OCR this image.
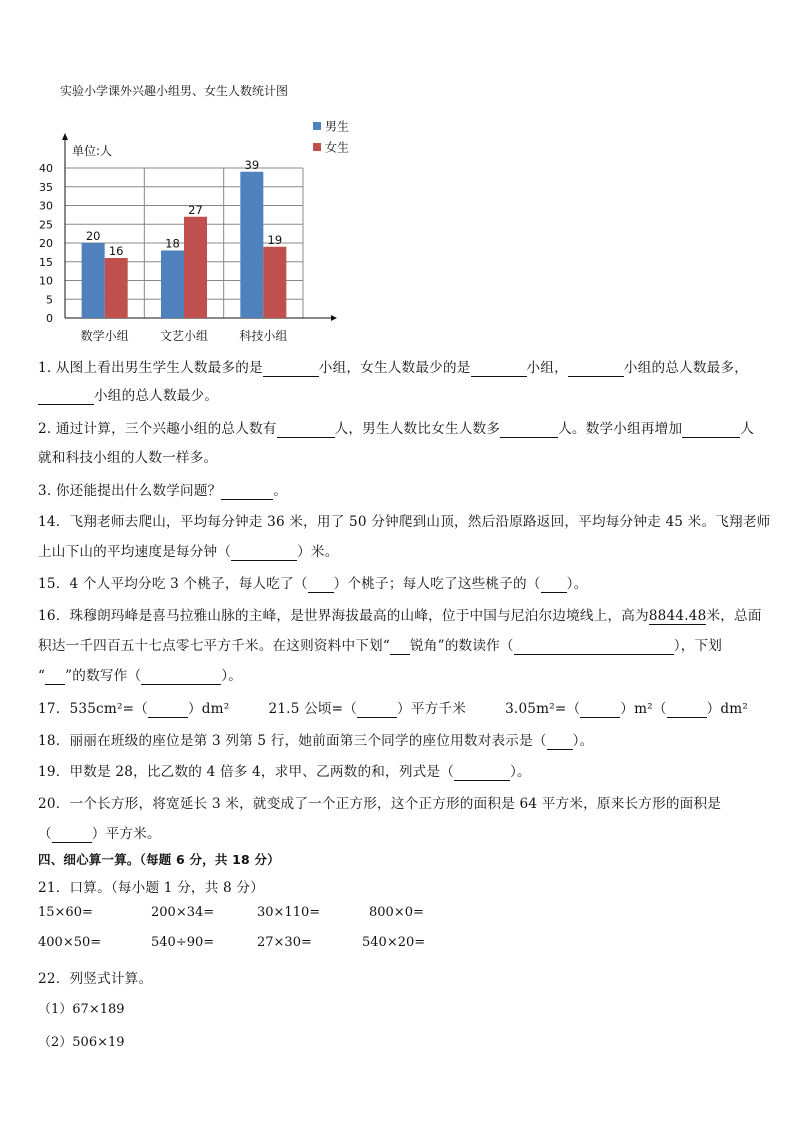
实验小学课外兴趣小组男、女生人数统计图
0
5
10
15
20
25
30
35
40
单位:人
20
16
数学小组
18
27
文艺小组
39
19
科技小组
男生
女生
1. 从图上看出男生学生人数最多的是	小组，女生人数最少的是	小组，	小组的总人数最多，
小组的总人数最少。
2. 通过计算，三个兴趣小组的总人数有	人，男生人数比女生人数多	人。数学小组再增加	人
就和科技小组的人数一样多。
3. 你还能提出什么数学问题？	。
14．飞翔老师去爬山，平均每分钟走 36 米，用了 50 分钟爬到山顶，然后沿原路返回，平均每分钟走 45 米。飞翔老师
上山下山的平均速度是每分钟（	）米。
15．4 个人平均分吃 3 个桃子，每人吃了（ ）个桃子；每人吃了这些桃子的（ ）。
16．珠穆朗玛峰是喜马拉雅山脉的主峰，是世界海拔最高的山峰，位于中国与尼泊尔边境线上，高为8844.48米，总面
积达一千四百五十七点零七平方千米。在这则资料中下划“ 锐角”的数读作（	），下划
“ ”的数写作（	）。
17．535cm²=（	）dm²	21.5 公顷=（	）平方千米	3.05m²=（	）m²（	）dm²
18．丽丽在班级的座位是第 3 列第 5 行，她前面第三个同学的座位用数对表示是（ ）。
19．甲数是 28，比乙数的 4 倍多 4，求甲、乙两数的和，列式是（	）。
20．一个长方形，将宽延长 3 米，就变成了一个正方形，这个正方形的面积是 64 平方米，原来长方形的面积是
（	）平方米。
四、细心算一算。（每题 6 分，共 18 分）
21．口算。（每小题 1 分，共 8 分）
15×60=	200×34=	30×110=	800×0=
400×50=	540÷90=	27×30=	540×20=
22．列竖式计算。
（1）67×189
（2）506×19
